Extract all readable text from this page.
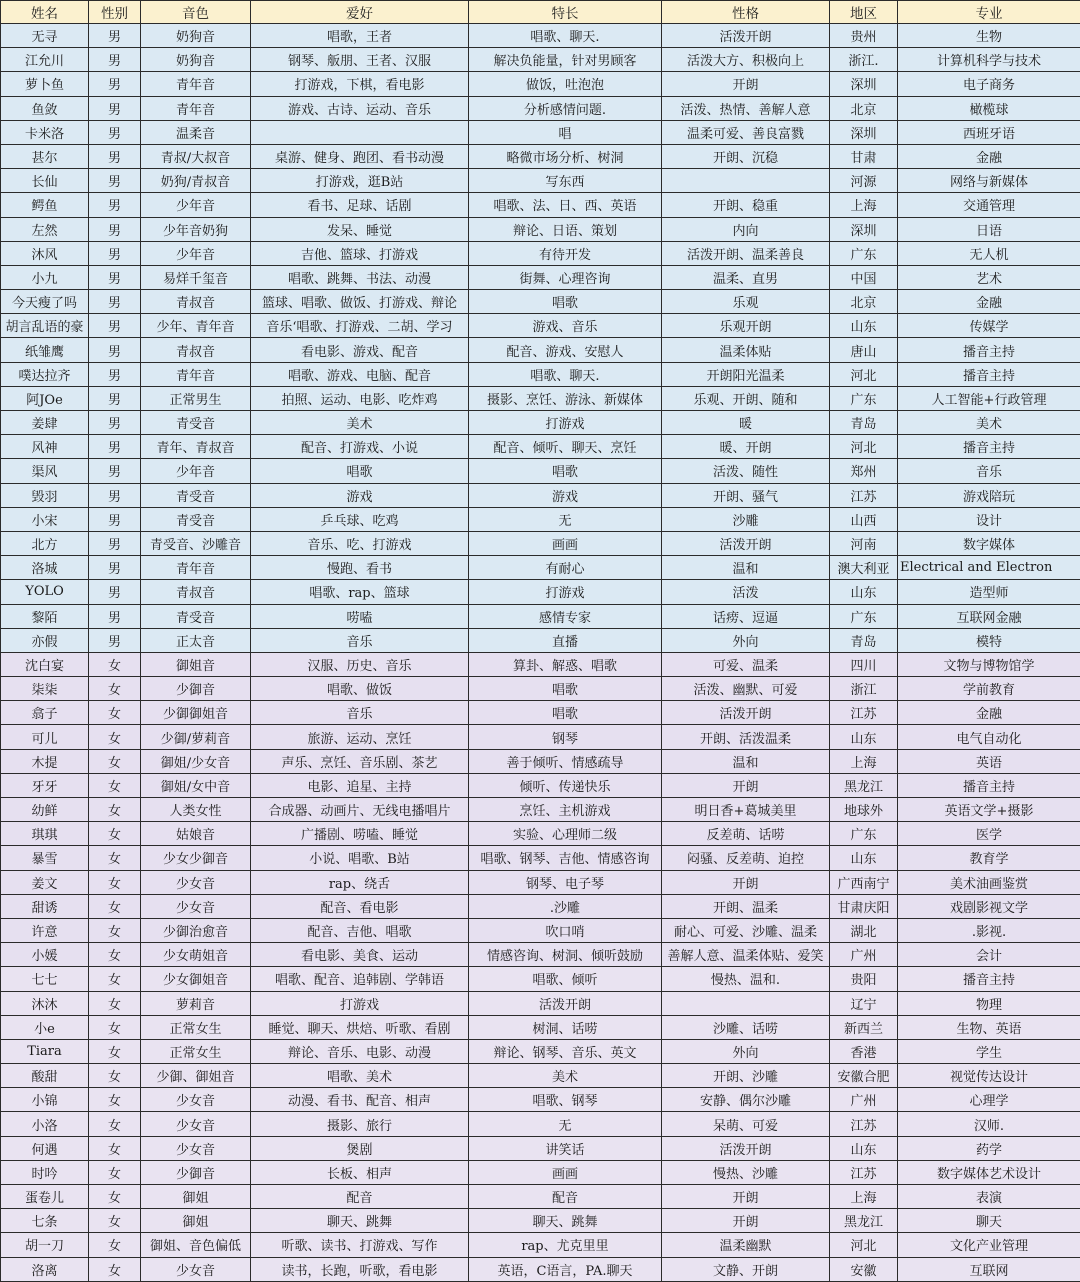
姓名	性别	音色	爱好	特长	性格	地区	专业
无寻	男	奶狗音	唱歌，王者	唱歌、聊天.	活泼开朗	贵州	生物
江允川	男	奶狗音	钢琴、舨朋、王者、汉服	解决负能量，针对男顾客	活泼大方、积极向上	浙江.	计算机科学与技术
萝卜鱼	男	青年音	打游戏，下棋，看电影	做饭，吐泡泡	开朗	深圳	电子商务
鱼敛	男	青年音	游戏、古诗、运动、音乐	分析感情问题.	活泼、热情、善解人意	北京	橄榄球
卡米洛	男	温柔音		唱	温柔可爱、善良富戮	深圳	西班牙语
甚尔	男	青叔/大叔音	桌游、健身、跑团、看书动漫	略微市场分析、树洞	开朗、沉稳	甘肃	金融
长仙	男	奶狗/青叔音	打游戏，逛B站	写东西		河源	网络与新媒体
鳄鱼	男	少年音	看书、足球、话剧	唱歌、法、日、西、英语	开朗、稳重	上海	交通管理
左然	男	少年音奶狗	发呆、睡觉	辩论、日语、策划	内向	深圳	日语
沐风	男	少年音	吉他、篮球、打游戏	有待开发	活泼开朗、温柔善良	广东	无人机
小九	男	易烊千玺音	唱歌、跳舞、书法、动漫	街舞、心理咨询	温柔、直男	中国	艺术
今天瘦了吗	男	青叔音	篮球、唱歌、做饭、打游戏、辩论	唱歌	乐观	北京	金融
胡言乱语的豪	男	少年、青年音	音乐‘唱歌、打游戏、二胡、学习	游戏、音乐	乐观开朗	山东	传媒学
纸雏鹰	男	青叔音	看电影、游戏、配音	配音、游戏、安慰人	温柔体贴	唐山	播音主持
噗达拉齐	男	青年音	唱歌、游戏、电脑、配音	唱歌、聊天.	开朗阳光温柔	河北	播音主持
阿JOe	男	正常男生	拍照、运动、电影、吃炸鸡	摄影、烹饪、游泳、新媒体	乐观、开朗、随和	广东	人工智能+行政管理
姜肆	男	青受音	美术	打游戏	暖	青岛	美术
风神	男	青年、青叔音	配音、打游戏、小说	配音、倾听、聊天、烹饪	暖、开朗	河北	播音主持
渠风	男	少年音	唱歌	唱歌	活泼、随性	郑州	音乐
毁羽	男	青受音	游戏	游戏	开朗、骚气	江苏	游戏陪玩
小宋	男	青受音	乒乓球、吃鸡	无	沙雕	山西	设计
北方	男	青受音、沙雕音	音乐、吃、打游戏	画画	活泼开朗	河南	数字媒体
洛城	男	青年音	慢跑、看书	有耐心	温和	澳大利亚	Electrical and Electron
YOLO	男	青叔音	唱歌、rap、篮球	打游戏	活泼	山东	造型师
黎陌	男	青受音	唠嗑	感情专家	话痨、逗逼	广东	互联网金融
亦假	男	正太音	音乐	直播	外向	青岛	模特
沈白宴	女	御姐音	汉服、历史、音乐	算卦、解惑、唱歌	可爱、温柔	四川	文物与博物馆学
柒柒	女	少御音	唱歌、做饭	唱歌	活泼、幽默、可爱	浙江	学前教育
翕子	女	少御御姐音	音乐	唱歌	活泼开朗	江苏	金融
可儿	女	少御/萝莉音	旅游、运动、烹饪	钢琴	开朗、活泼温柔	山东	电气自动化
木提	女	御姐/少女音	声乐、烹饪、音乐剧、茶艺	善于倾听、情感疏导	温和	上海	英语
牙牙	女	御姐/女中音	电影、追星、主持	倾听、传递快乐	开朗	黑龙江	播音主持
幼鲜	女	人类女性	合成器、动画片、无线电播唱片	烹饪、主机游戏	明日香+葛城美里	地球外	英语文学+摄影
琪琪	女	姑娘音	广播剧、唠嗑、睡觉	实验、心理师二级	反差萌、话唠	广东	医学
暴雪	女	少女少御音	小说、唱歌、B站	唱歌、钢琴、吉他、情感咨询	闷骚、反差萌、迫控	山东	教育学
姜文	女	少女音	rap、绕舌	钢琴、电子琴	开朗	广西南宁	美术油画鉴赏
甜诱	女	少女音	配音、看电影	.沙雕	开朗、温柔	甘肃庆阳	戏剧影视文学
许意	女	少御治愈音	配音、吉他、唱歌	吹口哨	耐心、可爱、沙雕、温柔	湖北	.影视.
小媛	女	少女萌姐音	看电影、美食、运动	情感咨询、树洞、倾听鼓励	善解人意、温柔体贴、爱笑	广州	会计
七七	女	少女御姐音	唱歌、配音、追韩剧、学韩语	唱歌、倾听	慢热、温和.	贵阳	播音主持
沐沐	女	萝莉音	打游戏	活泼开朗		辽宁	物理
小e	女	正常女生	睡觉、聊天、烘焙、听歌、看剧	树洞、话唠	沙雕、话唠	新西兰	生物、英语
Tiara	女	正常女生	辩论、音乐、电影、动漫	辩论、钢琴、音乐、英文	外向	香港	学生
酸甜	女	少御、御姐音	唱歌、美术	美术	开朗、沙雕	安徽合肥	视觉传达设计
小锦	女	少女音	动漫、看书、配音、相声	唱歌、钢琴	安静、偶尔沙雕	广州	心理学
小洛	女	少女音	摄影、旅行	无	呆萌、可爱	江苏	汉师.
何遇	女	少女音	煲剧	讲笑话	活泼开朗	山东	药学
时吟	女	少御音	长板、相声	画画	慢热、沙雕	江苏	数字媒体艺术设计
蛋卷儿	女	御姐	配音	配音	开朗	上海	表演
七条	女	御姐	聊天、跳舞	聊天、跳舞	开朗	黑龙江	聊天
胡一刀	女	御姐、音色偏低	听歌、读书、打游戏、写作	rap、尤克里里	温柔幽默	河北	文化产业管理
洛离	女	少女音	读书，长跑，听歌，看电影	英语，C语言，PA.聊天	文静、开朗	安徽	互联网
